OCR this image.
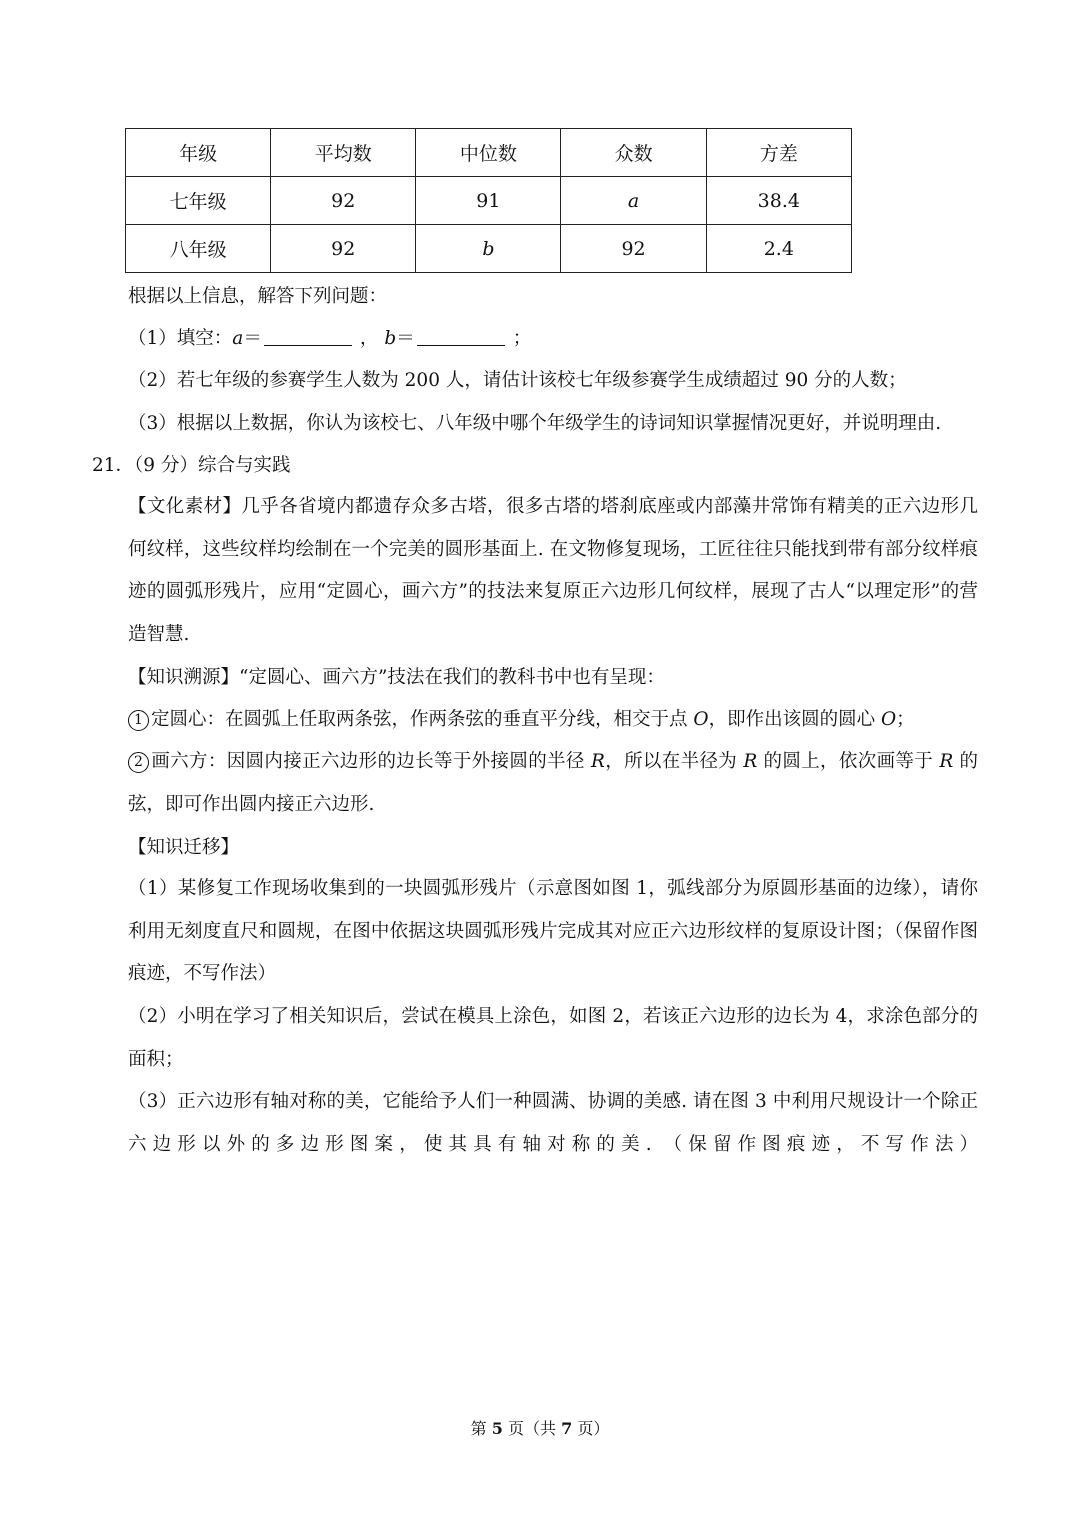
年级	平均数	中位数	众数	方差
七年级	92	91	a	38.4
八年级	92	b	92	2.4
根据以上信息，解答下列问题：
（1）填空：a＝	， b＝	；
（2）若七年级的参赛学生人数为 200 人，请估计该校七年级参赛学生成绩超过 90 分的人数；
（3）根据以上数据，你认为该校七、八年级中哪个年级学生的诗词知识掌握情况更好，并说明理由.
21．（9 分）综合与实践
【文化素材】几乎各省境内都遗存众多古塔，很多古塔的塔刹底座或内部藻井常饰有精美的正六边形几何纹样，这些纹样均绘制在一个完美的圆形基面上. 在文物修复现场，工匠往往只能找到带有部分纹样痕迹的圆弧形残片，应用“定圆心，画六方”的技法来复原正六边形几何纹样，展现了古人“以理定形”的营造智慧.
【知识溯源】“定圆心、画六方”技法在我们的教科书中也有呈现：
1 定圆心：在圆弧上任取两条弦，作两条弦的垂直平分线，相交于点 O，即作出该圆的圆心 O；
2 画六方：因圆内接正六边形的边长等于外接圆的半径 R，所以在半径为 R 的圆上，依次画等于 R 的弦，即可作出圆内接正六边形.
【知识迁移】
（1）某修复工作现场收集到的一块圆弧形残片（示意图如图 1，弧线部分为原圆形基面的边缘），请你利用无刻度直尺和圆规，在图中依据这块圆弧形残片完成其对应正六边形纹样的复原设计图；（保留作图痕迹，不写作法）
（2）小明在学习了相关知识后，尝试在模具上涂色，如图 2，若该正六边形的边长为 4，求涂色部分的面积；
（3）正六边形有轴对称的美，它能给予人们一种圆满、协调的美感. 请在图 3 中利用尺规设计一个除正六边形以外的多边形图案，使其具有轴对称的美. （保留作图痕迹，不写作法）
第 5 页（共 7 页）
